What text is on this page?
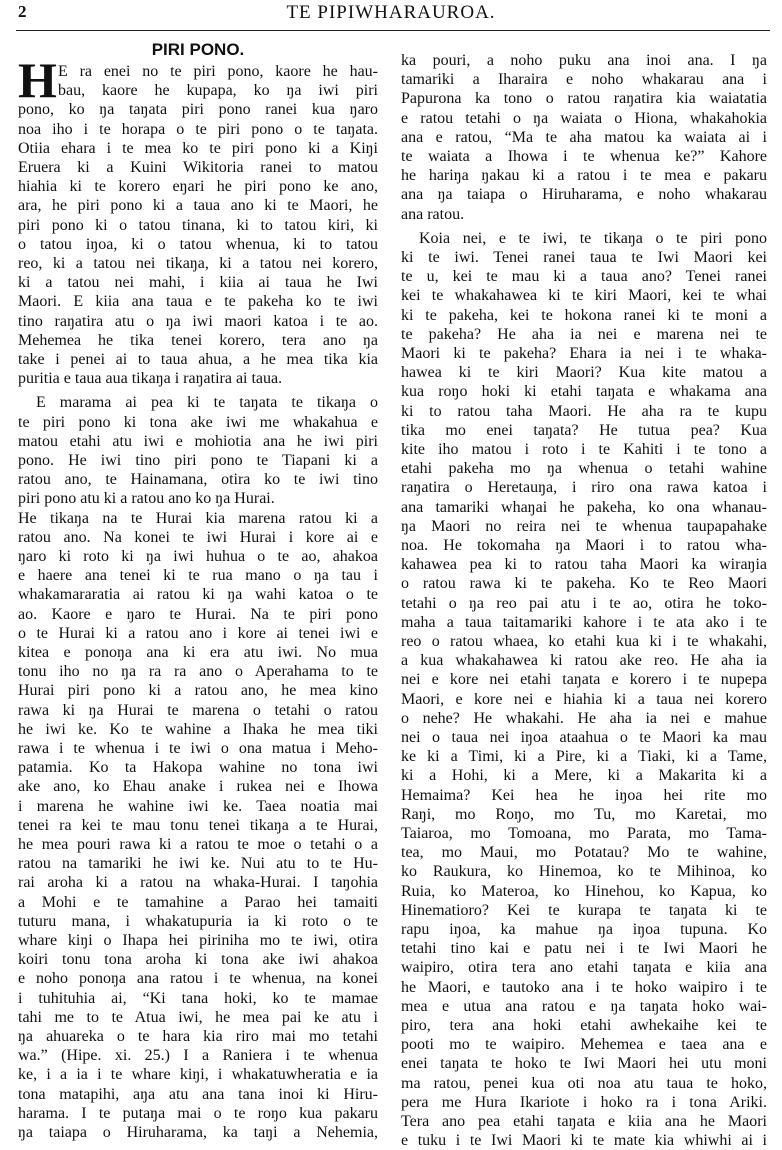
2	TE PIPIWHARAUROA.
PIRI PONO.
H E ra enei no te piri pono, kaore he hau-
bau, kaore he kupapa, ko ŋa iwi piri
pono, ko ŋa taŋata piri pono ranei kua ŋaro
noa iho i te horapa o te piri pono o te taŋata.
Otiia ehara i te mea ko te piri pono ki a Kiŋi
Eruera ki a Kuini Wikitoria ranei to matou
hiahia ki te korero eŋari he piri pono ke ano,
ara, he piri pono ki a taua ano ki te Maori, he
piri pono ki o tatou tinana, ki to tatou kiri, ki
o tatou iŋoa, ki o tatou whenua, ki to tatou
reo, ki a tatou nei tikaŋa, ki a tatou nei korero,
ki a tatou nei mahi, i kiia ai taua he Iwi
Maori. E kiia ana taua e te pakeha ko te iwi
tino raŋatira atu o ŋa iwi maori katoa i te ao.
Mehemea he tika tenei korero, tera ano ŋa
take i penei ai to taua ahua, a he mea tika kia
puritia e taua aua tikaŋa i raŋatira ai taua.
E marama ai pea ki te taŋata te tikaŋa o
te piri pono ki tona ake iwi me whakahua e
matou etahi atu iwi e mohiotia ana he iwi piri
pono. He iwi tino piri pono te Tiapani ki a
ratou ano, te Hainamana, otira ko te iwi tino
piri pono atu ki a ratou ano ko ŋa Hurai.
He tikaŋa na te Hurai kia marena ratou ki a
ratou ano. Na konei te iwi Hurai i kore ai e
ŋaro ki roto ki ŋa iwi huhua o te ao, ahakoa
e haere ana tenei ki te rua mano o ŋa tau i
whakamararatia ai ratou ki ŋa wahi katoa o te
ao. Kaore e ŋaro te Hurai. Na te piri pono
o te Hurai ki a ratou ano i kore ai tenei iwi e
kitea e ponoŋa ana ki era atu iwi. No mua
tonu iho no ŋa ra ra ano o Aperahama to te
Hurai piri pono ki a ratou ano, he mea kino
rawa ki ŋa Hurai te marena o tetahi o ratou
he iwi ke. Ko te wahine a Ihaka he mea tiki
rawa i te whenua i te iwi o ona matua i Meho-
patamia. Ko ta Hakopa wahine no tona iwi
ake ano, ko Ehau anake i rukea nei e Ihowa
i marena he wahine iwi ke. Taea noatia mai
tenei ra kei te mau tonu tenei tikaŋa a te Hurai,
he mea pouri rawa ki a ratou te moe o tetahi o a
ratou na tamariki he iwi ke. Nui atu to te Hu-
rai aroha ki a ratou na whaka-Hurai. I taŋohia
a Mohi e te tamahine a Parao hei tamaiti
tuturu mana, i whakatupuria ia ki roto o te
whare kiŋi o Ihapa hei piriniha mo te iwi, otira
koiri tonu tona aroha ki tona ake iwi ahakoa
e noho ponoŋa ana ratou i te whenua, na konei
i tuhituhia ai, “Ki tana hoki, ko te mamae
tahi me to te Atua iwi, he mea pai ke atu i
ŋa ahuareka o te hara kia riro mai mo tetahi
wa.” (Hipe. xi. 25.) I a Raniera i te whenua
ke, i a ia i te whare kiŋi, i whakatuwheratia e ia
tona matapihi, aŋa atu ana tana inoi ki Hiru-
harama. I te putaŋa mai o te roŋo kua pakaru
ŋa taiapa o Hiruharama, ka taŋi a Nehemia,
ka pouri, a noho puku ana inoi ana. I ŋa
tamariki a Iharaira e noho whakarau ana i
Papurona ka tono o ratou raŋatira kia waiatatia
e ratou tetahi o ŋa waiata o Hiona, whakahokia
ana e ratou, “Ma te aha matou ka waiata ai i
te waiata a Ihowa i te whenua ke?” Kahore
he hariŋa ŋakau ki a ratou i te mea e pakaru
ana ŋa taiapa o Hiruharama, e noho whakarau
ana ratou.
Koia nei, e te iwi, te tikaŋa o te piri pono
ki te iwi. Tenei ranei taua te Iwi Maori kei
te u, kei te mau ki a taua ano? Tenei ranei
kei te whakahawea ki te kiri Maori, kei te whai
ki te pakeha, kei te hokona ranei ki te moni a
te pakeha? He aha ia nei e marena nei te
Maori ki te pakeha? Ehara ia nei i te whaka-
hawea ki te kiri Maori? Kua kite matou a
kua roŋo hoki ki etahi taŋata e whakama ana
ki to ratou taha Maori. He aha ra te kupu
tika mo enei taŋata? He tutua pea? Kua
kite iho matou i roto i te Kahiti i te tono a
etahi pakeha mo ŋa whenua o tetahi wahine
raŋatira o Heretauŋa, i riro ona rawa katoa i
ana tamariki whaŋai he pakeha, ko ona whanau-
ŋa Maori no reira nei te whenua taupapahake
noa. He tokomaha ŋa Maori i to ratou wha-
kahawea pea ki to ratou taha Maori ka wiraŋia
o ratou rawa ki te pakeha. Ko te Reo Maori
tetahi o ŋa reo pai atu i te ao, otira he toko-
maha a taua taitamariki kahore i te ata ako i te
reo o ratou whaea, ko etahi kua ki i te whakahi,
a kua whakahawea ki ratou ake reo. He aha ia
nei e kore nei etahi taŋata e korero i te nupepa
Maori, e kore nei e hiahia ki a taua nei korero
o nehe? He whakahi. He aha ia nei e mahue
nei o taua nei iŋoa ataahua o te Maori ka mau
ke ki a Timi, ki a Pire, ki a Tiaki, ki a Tame,
ki a Hohi, ki a Mere, ki a Makarita ki a
Hemaima? Kei hea he iŋoa hei rite mo
Raŋi, mo Roŋo, mo Tu, mo Karetai, mo
Taiaroa, mo Tomoana, mo Parata, mo Tama-
tea, mo Maui, mo Potatau? Mo te wahine,
ko Raukura, ko Hinemoa, ko te Mihinoa, ko
Ruia, ko Materoa, ko Hinehou, ko Kapua, ko
Hinematioro? Kei te kurapa te taŋata ki te
rapu iŋoa, ka mahue ŋa iŋoa tupuna. Ko
tetahi tino kai e patu nei i te Iwi Maori he
waipiro, otira tera ano etahi taŋata e kiia ana
he Maori, e tautoko ana i te hoko waipiro i te
mea e utua ana ratou e ŋa taŋata hoko wai-
piro, tera ana hoki etahi awhekaihe kei te
pooti mo te waipiro. Mehemea e taea ana e
enei taŋata te hoko te Iwi Maori hei utu moni
ma ratou, penei kua oti noa atu taua te hoko,
pera me Hura Ikariote i hoko ra i tona Ariki.
Tera ano pea etahi taŋata e kiia ana he Maori
e tuku i te Iwi Maori ki te mate kia whiwhi ai i
